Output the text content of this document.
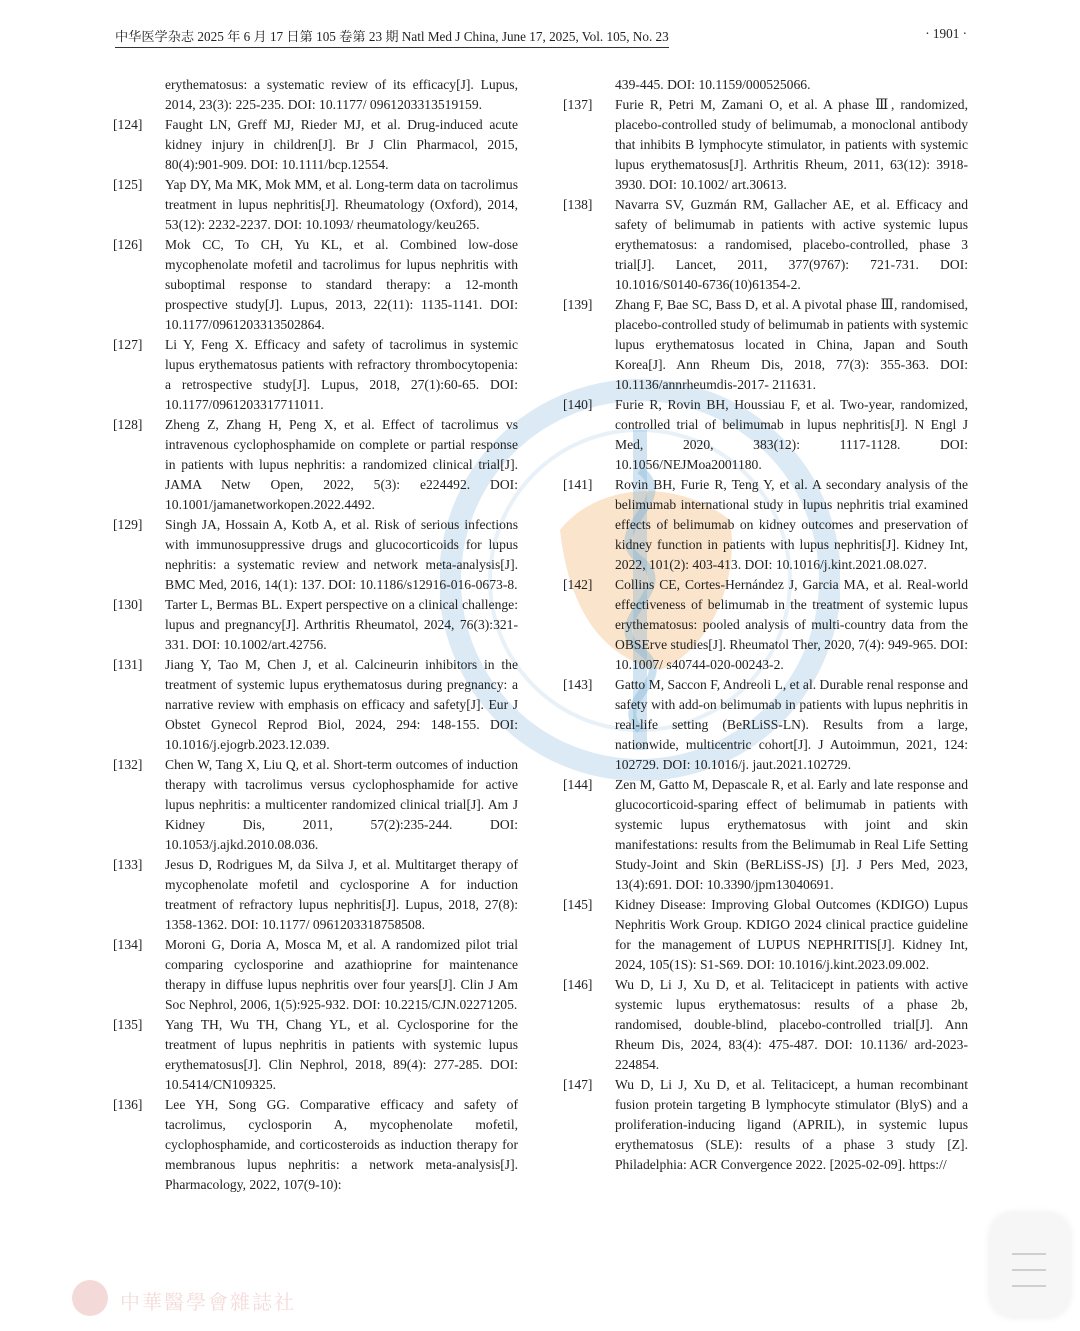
中华医学杂志 2025 年 6 月 17 日第 105 卷第 23 期 Natl Med J China, June 17, 2025, Vol. 105, No. 23	· 1901 ·
erythematosus: a systematic review of its efficacy[J]. Lupus, 2014, 23(3): 225-235. DOI: 10.1177/ 0961203313519159.
[124] Faught LN, Greff MJ, Rieder MJ, et al. Drug-induced acute kidney injury in children[J]. Br J Clin Pharmacol, 2015, 80(4):901-909. DOI: 10.1111/bcp.12554.
[125] Yap DY, Ma MK, Mok MM, et al. Long-term data on tacrolimus treatment in lupus nephritis[J]. Rheumatology (Oxford), 2014, 53(12): 2232-2237. DOI: 10.1093/ rheumatology/keu265.
[126] Mok CC, To CH, Yu KL, et al. Combined low-dose mycophenolate mofetil and tacrolimus for lupus nephritis with suboptimal response to standard therapy: a 12-month prospective study[J]. Lupus, 2013, 22(11): 1135-1141. DOI: 10.1177/0961203313502864.
[127] Li Y, Feng X. Efficacy and safety of tacrolimus in systemic lupus erythematosus patients with refractory thrombocytopenia: a retrospective study[J]. Lupus, 2018, 27(1):60-65. DOI: 10.1177/0961203317711011.
[128] Zheng Z, Zhang H, Peng X, et al. Effect of tacrolimus vs intravenous cyclophosphamide on complete or partial response in patients with lupus nephritis: a randomized clinical trial[J]. JAMA Netw Open, 2022, 5(3): e224492. DOI: 10.1001/jamanetworkopen.2022.4492.
[129] Singh JA, Hossain A, Kotb A, et al. Risk of serious infections with immunosuppressive drugs and glucocorticoids for lupus nephritis: a systematic review and network meta-analysis[J]. BMC Med, 2016, 14(1): 137. DOI: 10.1186/s12916-016-0673-8.
[130] Tarter L, Bermas BL. Expert perspective on a clinical challenge: lupus and pregnancy[J]. Arthritis Rheumatol, 2024, 76(3):321-331. DOI: 10.1002/art.42756.
[131] Jiang Y, Tao M, Chen J, et al. Calcineurin inhibitors in the treatment of systemic lupus erythematosus during pregnancy: a narrative review with emphasis on efficacy and safety[J]. Eur J Obstet Gynecol Reprod Biol, 2024, 294: 148-155. DOI: 10.1016/j.ejogrb.2023.12.039.
[132] Chen W, Tang X, Liu Q, et al. Short-term outcomes of induction therapy with tacrolimus versus cyclophosphamide for active lupus nephritis: a multicenter randomized clinical trial[J]. Am J Kidney Dis, 2011, 57(2):235-244. DOI: 10.1053/j.ajkd.2010.08.036.
[133] Jesus D, Rodrigues M, da Silva J, et al. Multitarget therapy of mycophenolate mofetil and cyclosporine A for induction treatment of refractory lupus nephritis[J]. Lupus, 2018, 27(8): 1358-1362. DOI: 10.1177/ 0961203318758508.
[134] Moroni G, Doria A, Mosca M, et al. A randomized pilot trial comparing cyclosporine and azathioprine for maintenance therapy in diffuse lupus nephritis over four years[J]. Clin J Am Soc Nephrol, 2006, 1(5):925-932. DOI: 10.2215/CJN.02271205.
[135] Yang TH, Wu TH, Chang YL, et al. Cyclosporine for the treatment of lupus nephritis in patients with systemic lupus erythematosus[J]. Clin Nephrol, 2018, 89(4): 277-285. DOI: 10.5414/CN109325.
[136] Lee YH, Song GG. Comparative efficacy and safety of tacrolimus, cyclosporin A, mycophenolate mofetil, cyclophosphamide, and corticosteroids as induction therapy for membranous lupus nephritis: a network meta-analysis[J]. Pharmacology, 2022, 107(9-10):
439-445. DOI: 10.1159/000525066.
[137] Furie R, Petri M, Zamani O, et al. A phase Ⅲ, randomized, placebo-controlled study of belimumab, a monoclonal antibody that inhibits B lymphocyte stimulator, in patients with systemic lupus erythematosus[J]. Arthritis Rheum, 2011, 63(12): 3918-3930. DOI: 10.1002/ art.30613.
[138] Navarra SV, Guzmán RM, Gallacher AE, et al. Efficacy and safety of belimumab in patients with active systemic lupus erythematosus: a randomised, placebo-controlled, phase 3 trial[J]. Lancet, 2011, 377(9767): 721-731. DOI: 10.1016/S0140-6736(10)61354-2.
[139] Zhang F, Bae SC, Bass D, et al. A pivotal phase Ⅲ, randomised, placebo-controlled study of belimumab in patients with systemic lupus erythematosus located in China, Japan and South Korea[J]. Ann Rheum Dis, 2018, 77(3): 355-363. DOI: 10.1136/annrheumdis-2017- 211631.
[140] Furie R, Rovin BH, Houssiau F, et al. Two-year, randomized, controlled trial of belimumab in lupus nephritis[J]. N Engl J Med, 2020, 383(12): 1117-1128. DOI: 10.1056/NEJMoa2001180.
[141] Rovin BH, Furie R, Teng Y, et al. A secondary analysis of the belimumab international study in lupus nephritis trial examined effects of belimumab on kidney outcomes and preservation of kidney function in patients with lupus nephritis[J]. Kidney Int, 2022, 101(2): 403-413. DOI: 10.1016/j.kint.2021.08.027.
[142] Collins CE, Cortes-Hernández J, Garcia MA, et al. Real-world effectiveness of belimumab in the treatment of systemic lupus erythematosus: pooled analysis of multi-country data from the OBSErve studies[J]. Rheumatol Ther, 2020, 7(4): 949-965. DOI: 10.1007/ s40744-020-00243-2.
[143] Gatto M, Saccon F, Andreoli L, et al. Durable renal response and safety with add-on belimumab in patients with lupus nephritis in real-life setting (BeRLiSS-LN). Results from a large, nationwide, multicentric cohort[J]. J Autoimmun, 2021, 124: 102729. DOI: 10.1016/j. jaut.2021.102729.
[144] Zen M, Gatto M, Depascale R, et al. Early and late response and glucocorticoid-sparing effect of belimumab in patients with systemic lupus erythematosus with joint and skin manifestations: results from the Belimumab in Real Life Setting Study-Joint and Skin (BeRLiSS-JS) [J]. J Pers Med, 2023, 13(4):691. DOI: 10.3390/jpm13040691.
[145] Kidney Disease: Improving Global Outcomes (KDIGO) Lupus Nephritis Work Group. KDIGO 2024 clinical practice guideline for the management of LUPUS NEPHRITIS[J]. Kidney Int, 2024, 105(1S): S1-S69. DOI: 10.1016/j.kint.2023.09.002.
[146] Wu D, Li J, Xu D, et al. Telitacicept in patients with active systemic lupus erythematosus: results of a phase 2b, randomised, double-blind, placebo-controlled trial[J]. Ann Rheum Dis, 2024, 83(4): 475-487. DOI: 10.1136/ ard-2023-224854.
[147] Wu D, Li J, Xu D, et al. Telitacicept, a human recombinant fusion protein targeting B lymphocyte stimulator (BlyS) and a proliferation-inducing ligand (APRIL), in systemic lupus erythematosus (SLE): results of a phase 3 study [Z]. Philadelphia: ACR Convergence 2022. [2025-02-09]. https://
中華醫學會雜誌社
